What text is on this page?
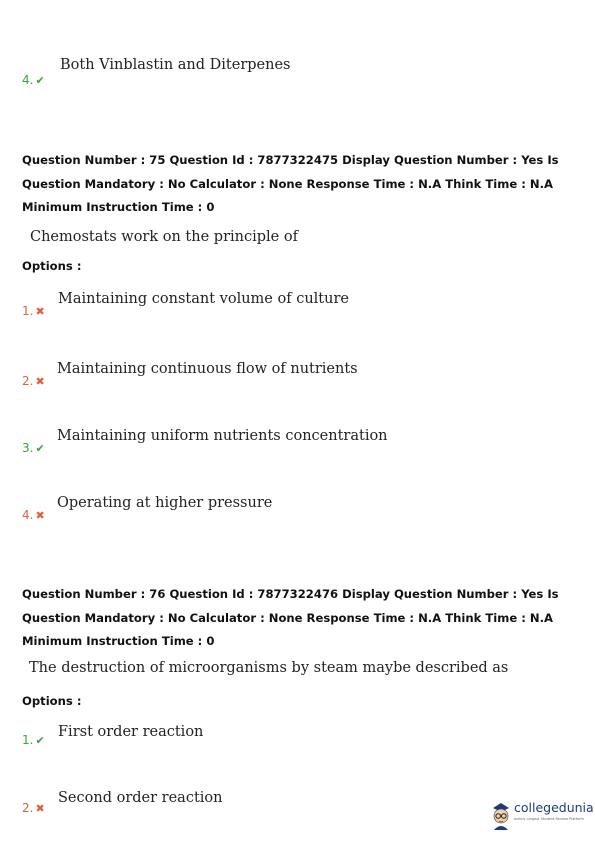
Both Vinblastin and Diterpenes
4. ✔
Question Number : 75 Question Id : 7877322475 Display Question Number : Yes Is Question Mandatory : No Calculator : None Response Time : N.A Think Time : N.A Minimum Instruction Time : 0
Chemostats work on the principle of
Options :
Maintaining constant volume of culture
1. ✖
Maintaining continuous flow of nutrients
2. ✖
Maintaining uniform nutrients concentration
3. ✔
Operating at higher pressure
4. ✖
Question Number : 76 Question Id : 7877322476 Display Question Number : Yes Is Question Mandatory : No Calculator : None Response Time : N.A Think Time : N.A Minimum Instruction Time : 0
The destruction of microorganisms by steam maybe described as
Options :
First order reaction
1. ✔
Second order reaction
2. ✖	collegedunia
India's Largest Student Review Platform
